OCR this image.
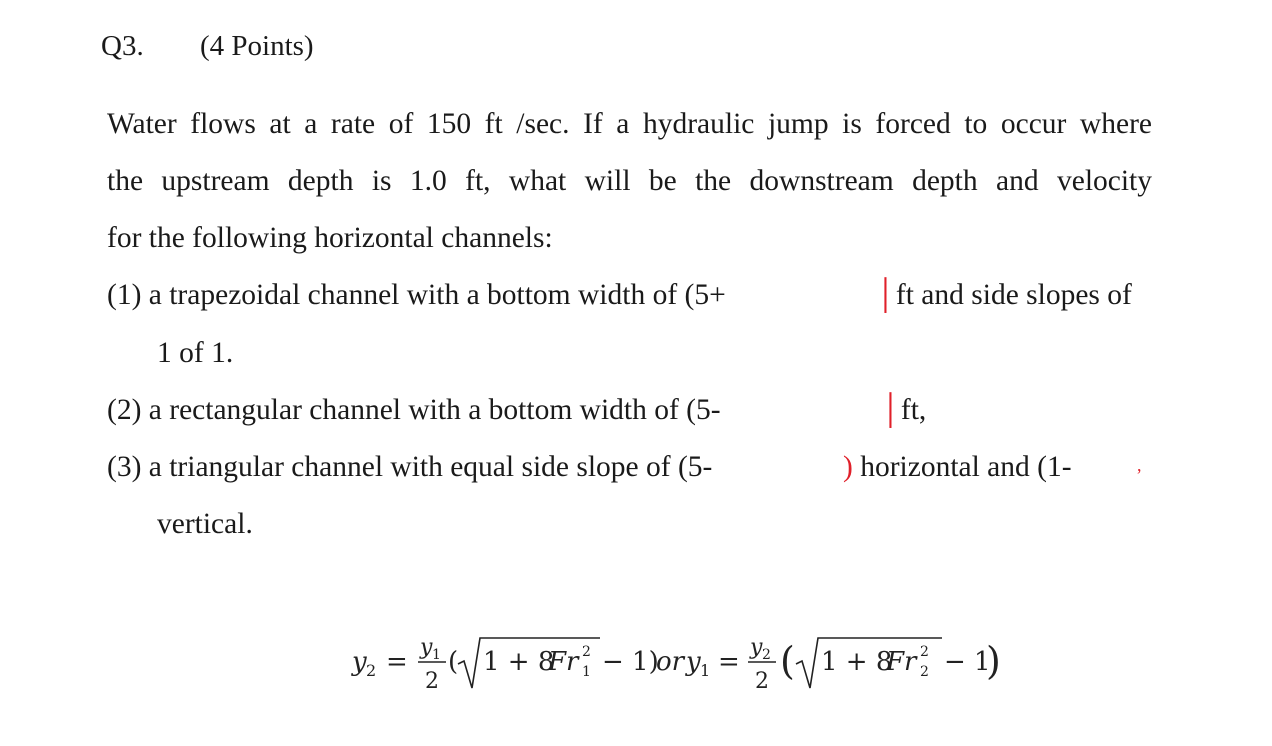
Q3. (4 Points)
Water flows at a rate of 150 ft /sec. If a hydraulic jump is forced to occur where
the upstream depth is 1.0 ft, what will be the downstream depth and velocity
for the following horizontal channels:
(1) a trapezoidal channel with a bottom width of (5+	│ft and side slopes of
1 of 1.
(2) a rectangular channel with a bottom width of (5-	│ft,
(3) a triangular channel with equal side slope of (5-	) horizontal and (1-	,
vertical.
y 2 = y 1
2
( 1 + 8
Fr 2
1 − 1)
or y 1 = y 2
2 ( 1 + 8
Fr 2
2 − 1
)
